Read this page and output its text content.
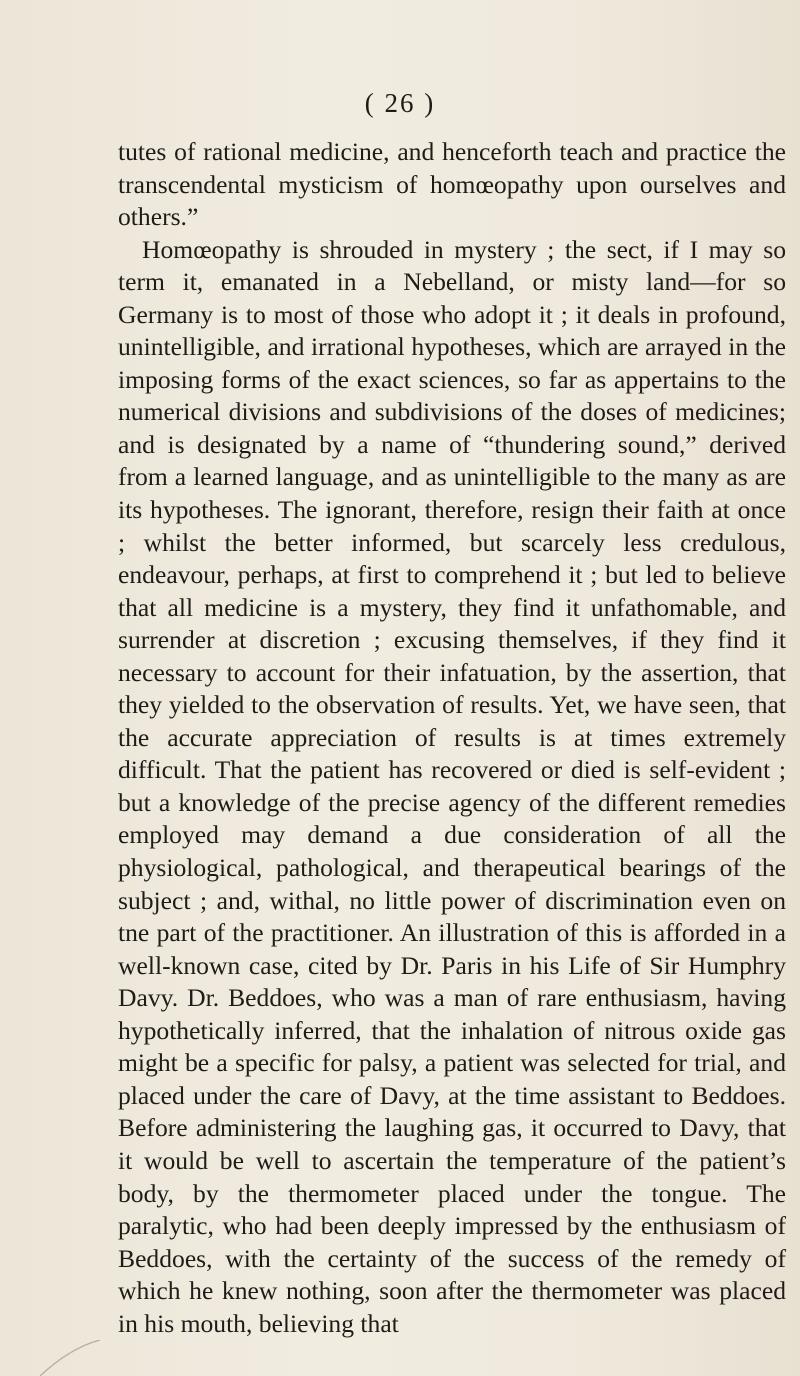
( 26 )

tutes of rational medicine, and henceforth teach and practice the transcendental mysticism of homœopathy upon ourselves and others.”

Homœopathy is shrouded in mystery ; the sect, if I may so term it, emanated in a Nebelland, or misty land—for so Germany is to most of those who adopt it ; it deals in profound, unintelligible, and irrational hypotheses, which are arrayed in the imposing forms of the exact sciences, so far as appertains to the numerical divisions and subdivisions of the doses of medicines; and is designated by a name of “thundering sound,” derived from a learned language, and as unintelligible to the many as are its hypotheses. The ignorant, therefore, resign their faith at once ; whilst the better informed, but scarcely less credulous, endeavour, perhaps, at first to comprehend it ; but led to believe that all medicine is a mystery, they find it unfathomable, and surrender at discretion ; excusing themselves, if they find it necessary to account for their infatuation, by the assertion, that they yielded to the observation of results. Yet, we have seen, that the accurate appreciation of results is at times extremely difficult. That the patient has recovered or died is self-evident ; but a knowledge of the precise agency of the different remedies employed may demand a due consideration of all the physiological, pathological, and therapeutical bearings of the subject ; and, withal, no little power of discrimination even on tne part of the practitioner. An illustration of this is afforded in a well-known case, cited by Dr. Paris in his Life of Sir Humphry Davy. Dr. Beddoes, who was a man of rare enthusiasm, having hypothetically inferred, that the inhalation of nitrous oxide gas might be a specific for palsy, a patient was selected for trial, and placed under the care of Davy, at the time assistant to Beddoes. Before administering the laughing gas, it occurred to Davy, that it would be well to ascertain the temperature of the patient’s body, by the thermometer placed under the tongue. The paralytic, who had been deeply impressed by the enthusiasm of Beddoes, with the certainty of the success of the remedy of which he knew nothing, soon after the thermometer was placed in his mouth, believing that
